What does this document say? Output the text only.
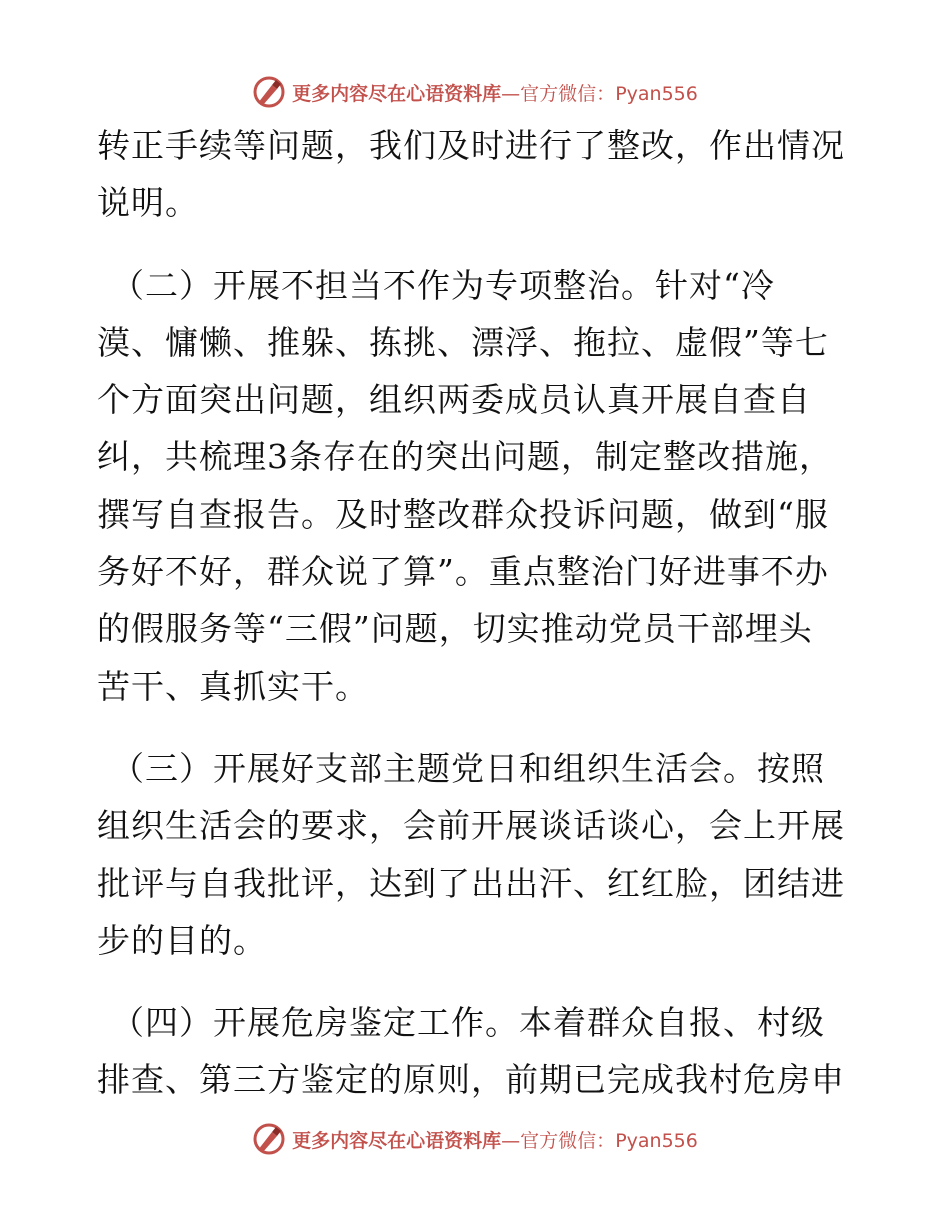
更多内容尽在心语资料库—官方微信：Pyan556
转正手续等问题，我们及时进行了整改，作出情况
说明。
（二）开展不担当不作为专项整治。针对“冷
漠、慵懒、推躲、拣挑、漂浮、拖拉、虚假”等七
个方面突出问题，组织两委成员认真开展自查自
纠，共梳理3条存在的突出问题，制定整改措施，
撰写自查报告。及时整改群众投诉问题，做到“服
务好不好，群众说了算”。重点整治门好进事不办
的假服务等“三假”问题，切实推动党员干部埋头
苦干、真抓实干。
（三）开展好支部主题党日和组织生活会。按照
组织生活会的要求，会前开展谈话谈心，会上开展
批评与自我批评，达到了出出汗、红红脸，团结进
步的目的。
（四）开展危房鉴定工作。本着群众自报、村级
排查、第三方鉴定的原则，前期已完成我村危房申
更多内容尽在心语资料库—官方微信：Pyan556
